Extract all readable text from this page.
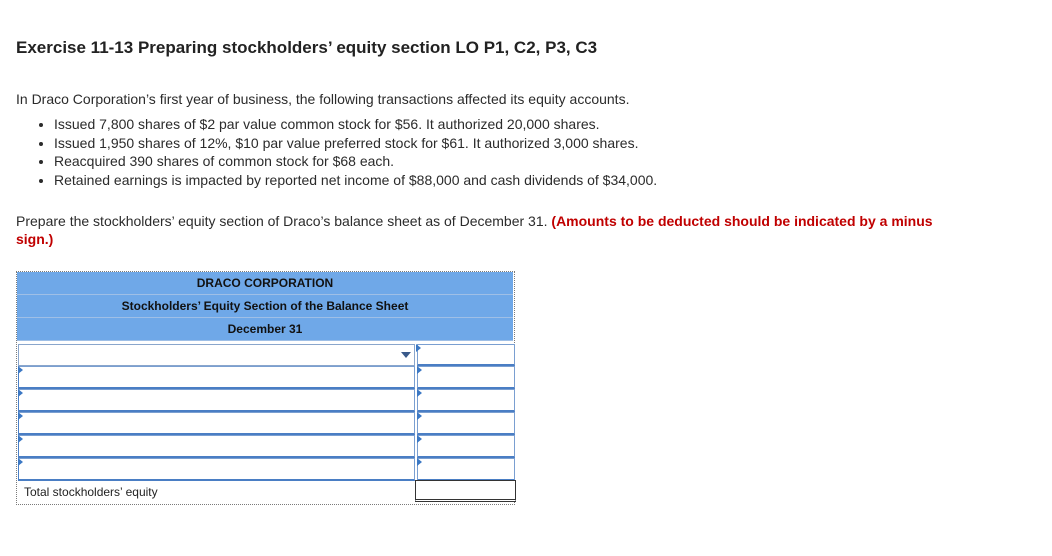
Exercise 11-13 Preparing stockholders’ equity section LO P1, C2, P3, C3
In Draco Corporation’s first year of business, the following transactions affected its equity accounts.
• Issued 7,800 shares of $2 par value common stock for $56. It authorized 20,000 shares.
• Issued 1,950 shares of 12%, $10 par value preferred stock for $61. It authorized 3,000 shares.
• Reacquired 390 shares of common stock for $68 each.
• Retained earnings is impacted by reported net income of $88,000 and cash dividends of $34,000.
Prepare the stockholders’ equity section of Draco’s balance sheet as of December 31. (Amounts to be deducted should be indicated by a minus sign.)
DRACO CORPORATION
Stockholders’ Equity Section of the Balance Sheet
December 31
Total stockholders’ equity
